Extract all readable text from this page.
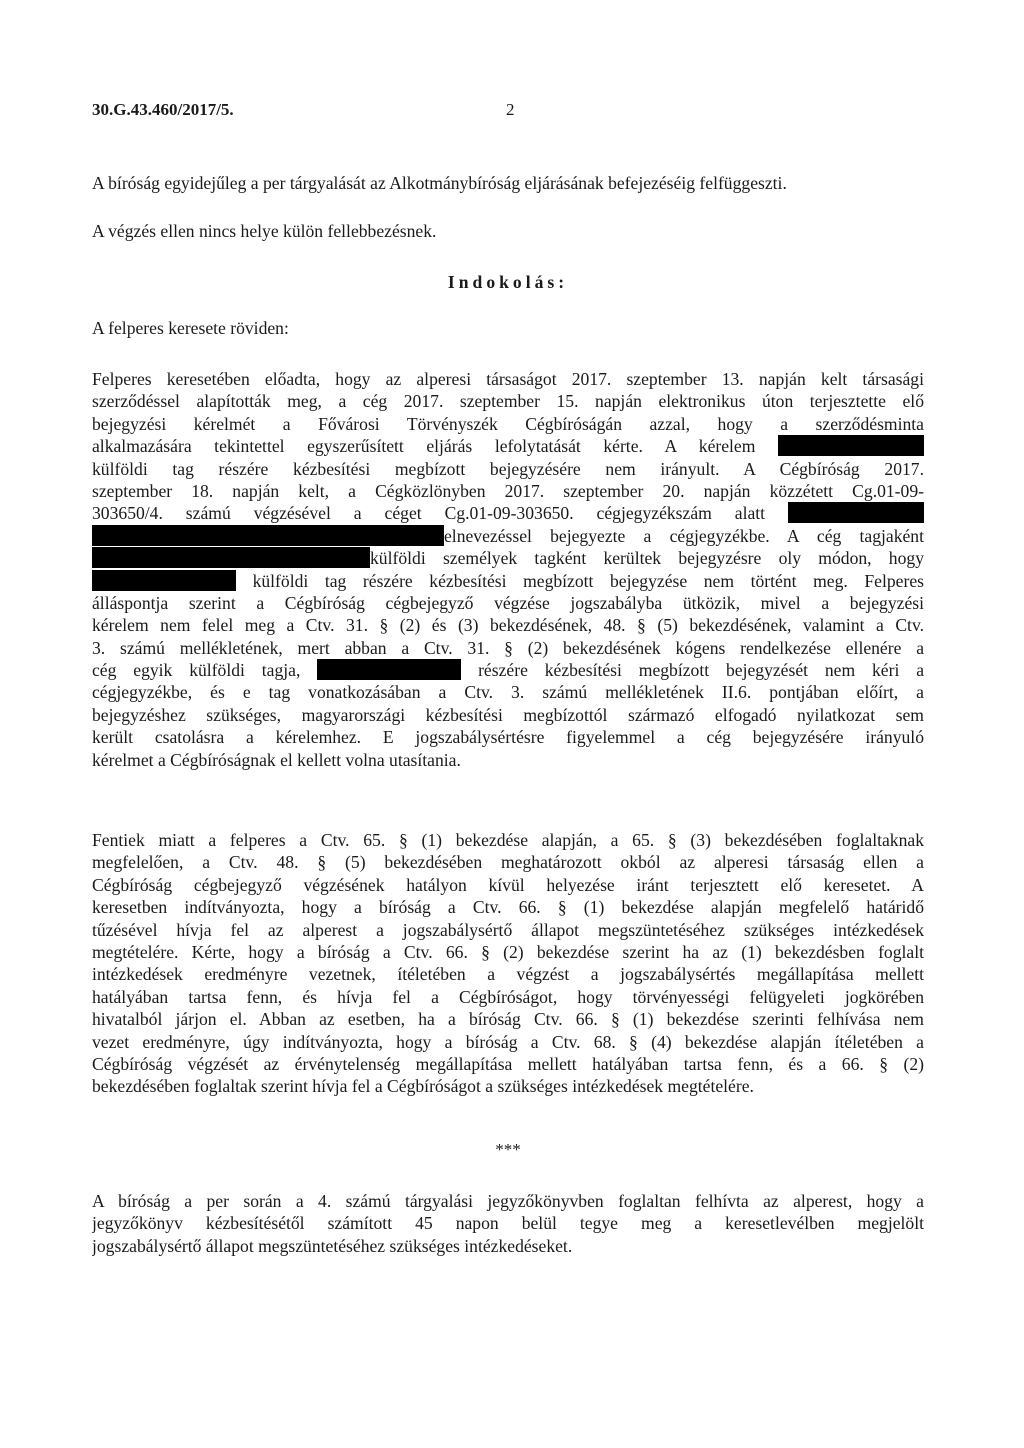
30.G.43.460/2017/5.	2

A bíróság egyidejűleg a per tárgyalását az Alkotmánybíróság eljárásának befejezéséig felfüggeszti.

A végzés ellen nincs helye külön fellebbezésnek.

Indokolás:

A felperes keresete röviden:

Felperes keresetében előadta, hogy az alperesi társaságot 2017. szeptember 13. napján kelt társasági
szerződéssel alapították meg, a cég 2017. szeptember 15. napján elektronikus úton terjesztette elő
bejegyzési kérelmét a Fővárosi Törvényszék Cégbíróságán azzal, hogy a szerződésminta
alkalmazására tekintettel egyszerűsített eljárás lefolytatását kérte. A kérelem
külföldi tag részére kézbesítési megbízott bejegyzésére nem irányult. A Cégbíróság 2017.
szeptember 18. napján kelt, a Cégközlönyben 2017. szeptember 20. napján közzétett Cg.01-09-
303650/4. számú végzésével a céget Cg.01-09-303650. cégjegyzékszám alatt
elnevezéssel bejegyezte a cégjegyzékbe. A cég tagjaként
külföldi személyek tagként kerültek bejegyzésre oly módon, hogy
külföldi tag részére kézbesítési megbízott bejegyzése nem történt meg. Felperes
álláspontja szerint a Cégbíróság cégbejegyző végzése jogszabályba ütközik, mivel a bejegyzési
kérelem nem felel meg a Ctv. 31. § (2) és (3) bekezdésének, 48. § (5) bekezdésének, valamint a Ctv.
3. számú mellékletének, mert abban a Ctv. 31. § (2) bekezdésének kógens rendelkezése ellenére a
cég egyik külföldi tagja,	részére kézbesítési megbízott bejegyzését nem kéri a
cégjegyzékbe, és e tag vonatkozásában a Ctv. 3. számú mellékletének II.6. pontjában előírt, a
bejegyzéshez szükséges, magyarországi kézbesítési megbízottól származó elfogadó nyilatkozat sem
került csatolásra a kérelemhez. E jogszabálysértésre figyelemmel a cég bejegyzésére irányuló
kérelmet a Cégbíróságnak el kellett volna utasítania.
Fentiek miatt a felperes a Ctv. 65. § (1) bekezdése alapján, a 65. § (3) bekezdésében foglaltaknak
megfelelően, a Ctv. 48. § (5) bekezdésében meghatározott okból az alperesi társaság ellen a
Cégbíróság cégbejegyző végzésének hatályon kívül helyezése iránt terjesztett elő keresetet. A
keresetben indítványozta, hogy a bíróság a Ctv. 66. § (1) bekezdése alapján megfelelő határidő
tűzésével hívja fel az alperest a jogszabálysértő állapot megszüntetéséhez szükséges intézkedések
megtételére. Kérte, hogy a bíróság a Ctv. 66. § (2) bekezdése szerint ha az (1) bekezdésben foglalt
intézkedések eredményre vezetnek, ítéletében a végzést a jogszabálysértés megállapítása mellett
hatályában tartsa fenn, és hívja fel a Cégbíróságot, hogy törvényességi felügyeleti jogkörében
hivatalból járjon el. Abban az esetben, ha a bíróság Ctv. 66. § (1) bekezdése szerinti felhívása nem
vezet eredményre, úgy indítványozta, hogy a bíróság a Ctv. 68. § (4) bekezdése alapján ítéletében a
Cégbíróság végzését az érvénytelenség megállapítása mellett hatályában tartsa fenn, és a 66. § (2)
bekezdésében foglaltak szerint hívja fel a Cégbíróságot a szükséges intézkedések megtételére.
***
A bíróság a per során a 4. számú tárgyalási jegyzőkönyvben foglaltan felhívta az alperest, hogy a
jegyzőkönyv kézbesítésétől számított 45 napon belül tegye meg a keresetlevélben megjelölt
jogszabálysértő állapot megszüntetéséhez szükséges intézkedéseket.
